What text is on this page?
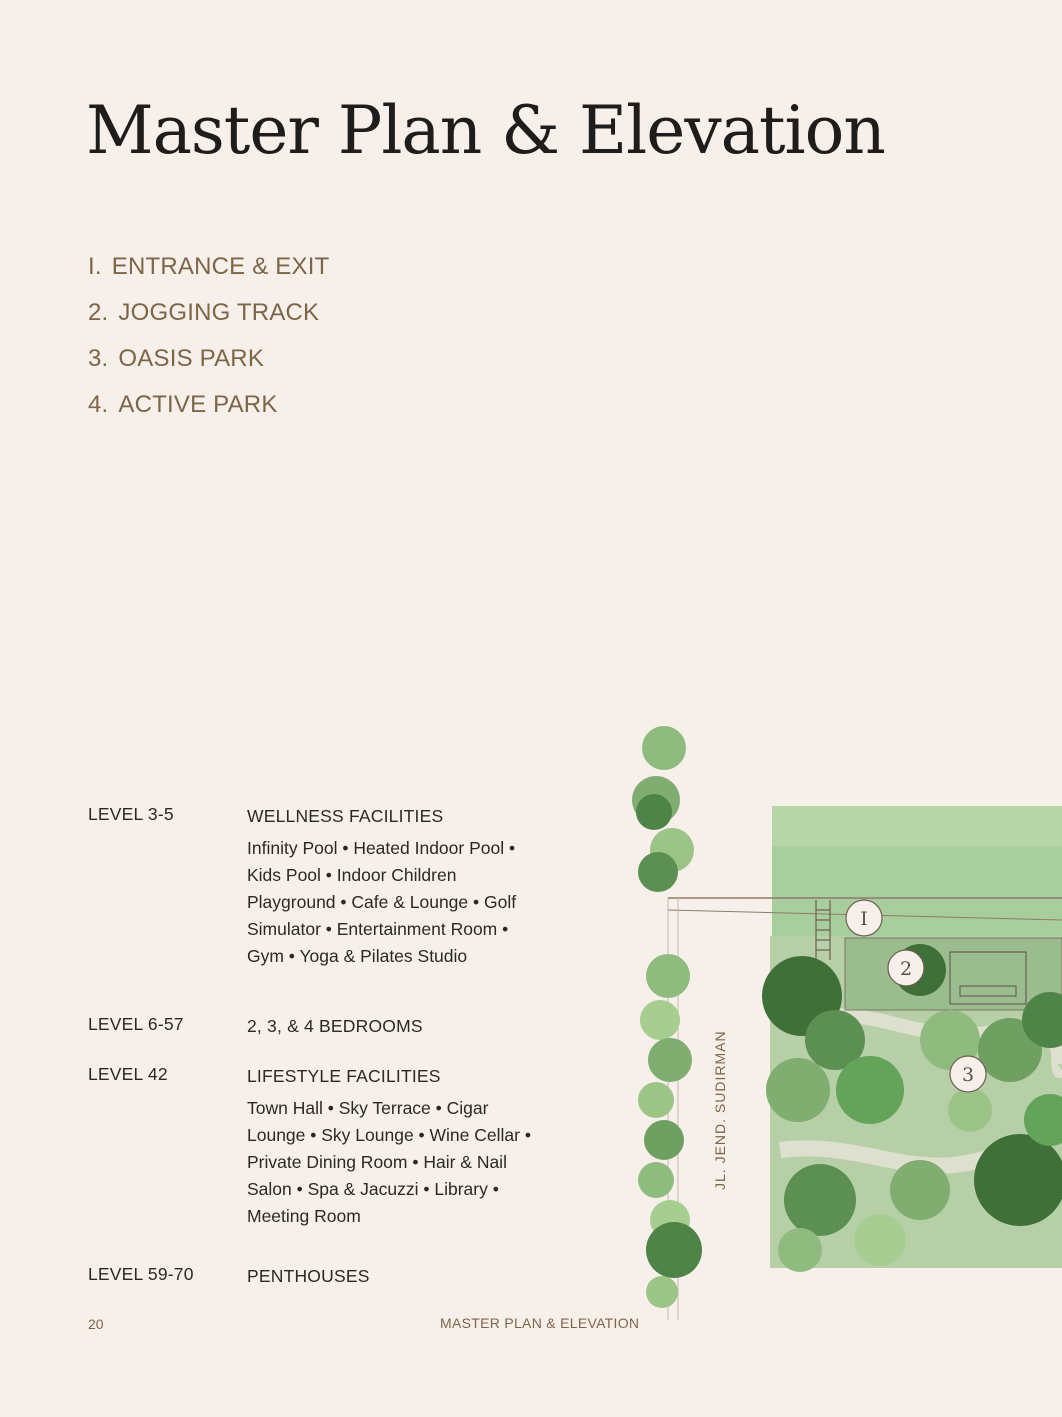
Master Plan & Elevation
I. ENTRANCE & EXIT
2. JOGGING TRACK
3. OASIS PARK
4. ACTIVE PARK
LEVEL 3-5	WELLNESS FACILITIES
Infinity Pool • Heated Indoor Pool • Kids Pool • Indoor Children Playground • Cafe & Lounge • Golf Simulator • Entertainment Room • Gym • Yoga & Pilates Studio
LEVEL 6-57	2, 3, & 4 BEDROOMS
LEVEL 42	LIFESTYLE FACILITIES
Town Hall • Sky Terrace • Cigar Lounge • Sky Lounge • Wine Cellar • Private Dining Room • Hair & Nail Salon • Spa & Jacuzzi • Library • Meeting Room
LEVEL 59-70	PENTHOUSES
I
2
3
JL. JEND. SUDIRMAN
20	MASTER PLAN & ELEVATION
